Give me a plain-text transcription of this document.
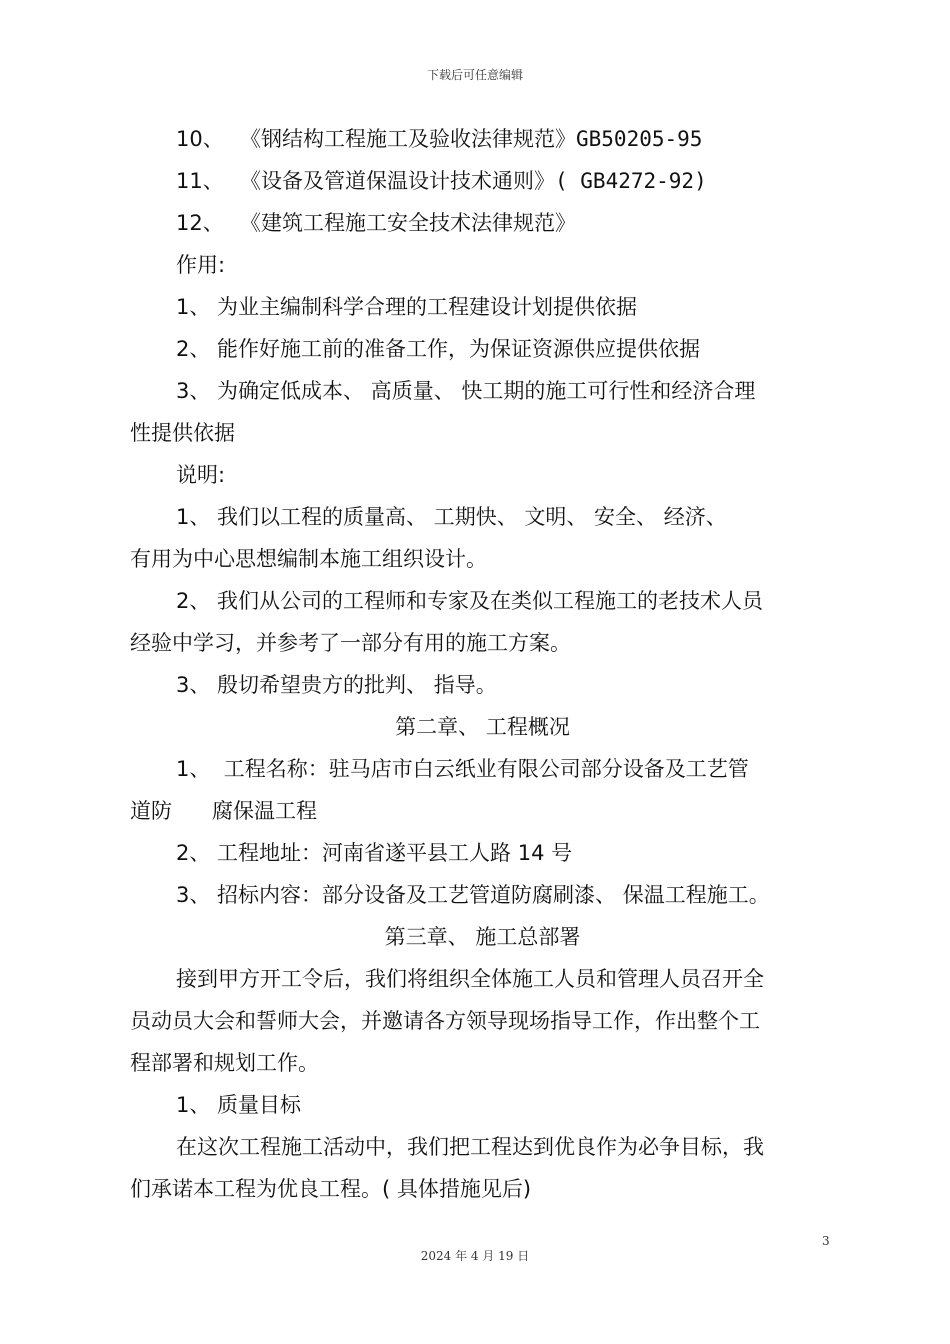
下载后可任意编辑
10、 《钢结构工程施工及验收法律规范》GB50205-95
11、 《设备及管道保温设计技术通则》( GB4272-92)
12、 《建筑工程施工安全技术法律规范》
作用:
1、 为业主编制科学合理的工程建设计划提供依据
2、 能作好施工前的准备工作，为保证资源供应提供依据
3、 为确定低成本、 高质量、 快工期的施工可行性和经济合理
性提供依据
说明:
1、 我们以工程的质量高、 工期快、 文明、 安全、 经济、
有用为中心思想编制本施工组织设计。
2、 我们从公司的工程师和专家及在类似工程施工的老技术人员
经验中学习，并参考了一部分有用的施工方案。
3、 殷切希望贵方的批判、 指导。
第二章、 工程概况
1、  工程名称：驻马店市白云纸业有限公司部分设备及工艺管
道防      腐保温工程
2、 工程地址：河南省遂平县工人路 14 号
3、 招标内容：部分设备及工艺管道防腐刷漆、 保温工程施工。
第三章、 施工总部署
接到甲方开工令后，我们将组织全体施工人员和管理人员召开全
员动员大会和誓师大会，并邀请各方领导现场指导工作，作出整个工
程部署和规划工作。
1、 质量目标
在这次工程施工活动中，我们把工程达到优良作为必争目标，我
们承诺本工程为优良工程。( 具体措施见后)
3
2024 年 4 月 19 日
